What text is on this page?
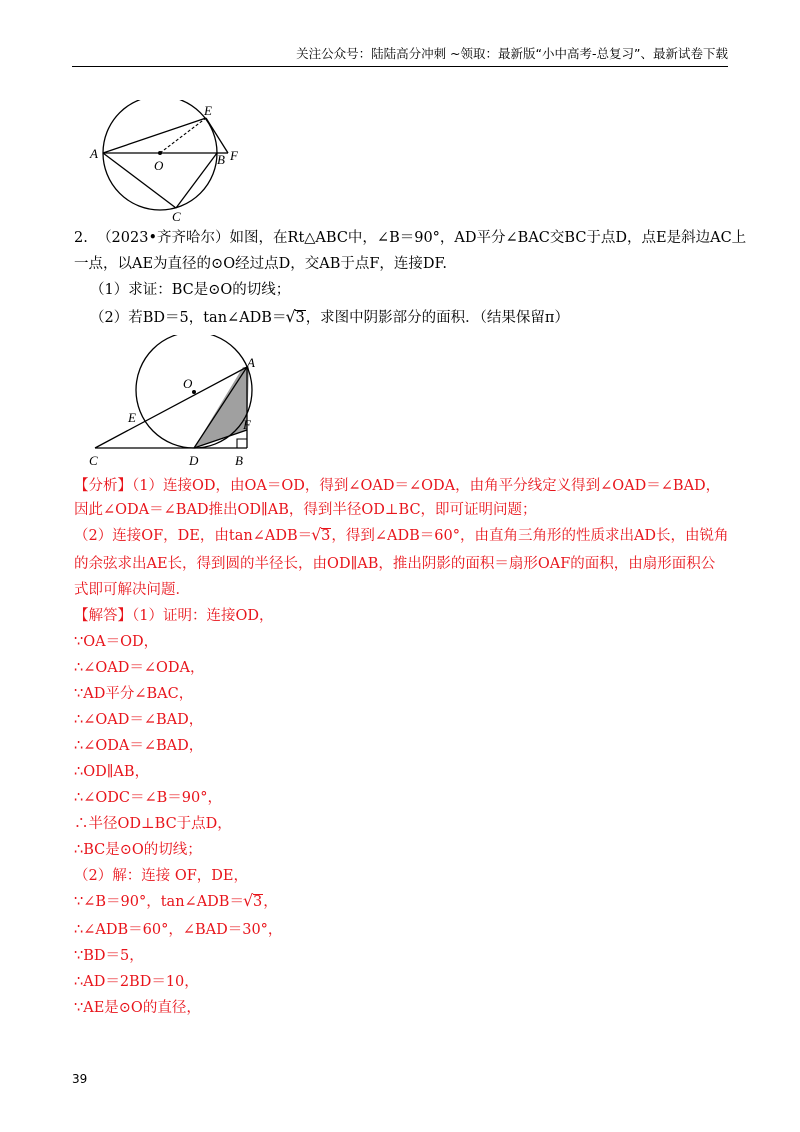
关注公众号：陆陆高分冲刺 ~领取：最新版“小中高考-总复习”、最新试卷下载
A
O
E
B F
C
2. （2023•齐齐哈尔）如图，在Rt△ABC中，∠B＝90°，AD平分∠BAC交BC于点D，点E是斜边AC上
一点，以AE为直径的⊙O经过点D，交AB于点F，连接DF.
（1）求证：BC是⊙O的切线；
（2）若BD＝5，tan∠ADB＝ √ 3，求图中阴影部分的面积．（结果保留π）
A
O
E	F
C	D	B
【分析】（1）连接OD，由OA＝OD，得到∠OAD＝∠ODA，由角平分线定义得到∠OAD＝∠BAD，
因此∠ODA＝∠BAD推出OD∥AB，得到半径OD⊥BC，即可证明问题；
（2）连接OF，DE，由tan∠ADB＝ √ 3，得到∠ADB＝60°，由直角三角形的性质求出AD长，由锐角
的余弦求出AE长，得到圆的半径长，由OD∥AB，推出阴影的面积＝扇形OAF的面积，由扇形面积公
式即可解决问题．
【解答】（1）证明：连接OD，
∵OA＝OD，
∴∠OAD＝∠ODA，
∵AD平分∠BAC，
∴∠OAD＝∠BAD，
∴∠ODA＝∠BAD，
∴OD∥AB，
∴∠ODC＝∠B＝90°，
∴半径OD⊥BC于点D，
∴BC是⊙O的切线；
（2）解：连接 OF，DE，
∵∠B＝90°，tan∠ADB＝ √ 3，
∴∠ADB＝60°，∠BAD＝30°，
∵BD＝5，
∴AD＝2BD＝10，
∵AE是⊙O的直径，
39
